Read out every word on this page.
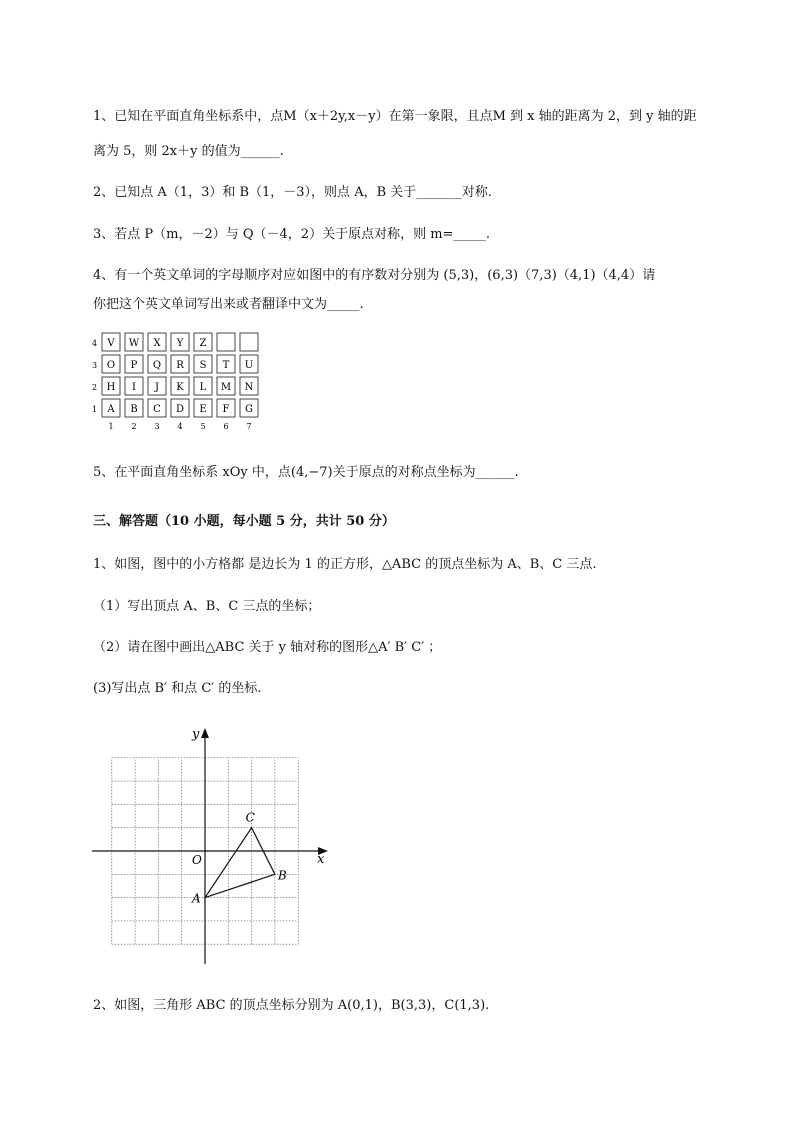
1、已知在平面直角坐标系中，点M（x＋2y,x－y）在第一象限，且点M 到 x 轴的距离为 2，到 y 轴的距
离为 5，则 2x＋y 的值为______.
2、已知点 A（1，3）和 B（1，－3），则点 A，B 关于_______对称.
3、若点 P（m，－2）与 Q（－4，2）关于原点对称，则 m=_____.
4、有一个英文单词的字母顺序对应如图中的有序数对分别为 (5,3)，(6,3)（7,3)（4,1)（4,4）请
你把这个英文单词写出来或者翻译中文为_____.
4 V W X Y Z
3 O P Q R S T U
2 H I J K L M N
1 A B C D E F G
1 2 3 4 5 6 7
5、在平面直角坐标系 xOy 中，点(4,−7)关于原点的对称点坐标为______.
三、解答题（10 小题，每小题 5 分，共计 50 分）
1、如图，图中的小方格都 是边长为 1 的正方形，△ABC 的顶点坐标为 A、B、C 三点.
（1）写出顶点 A、B、C 三点的坐标；
（2）请在图中画出△ABC 关于 y 轴对称的图形△A′ B′ C′ ；
(3)写出点 B′ 和点 C′ 的坐标.
x
y
O
A
B
C
2、如图，三角形 ABC 的顶点坐标分别为 A(0,1)，B(3,3)，C(1,3).
